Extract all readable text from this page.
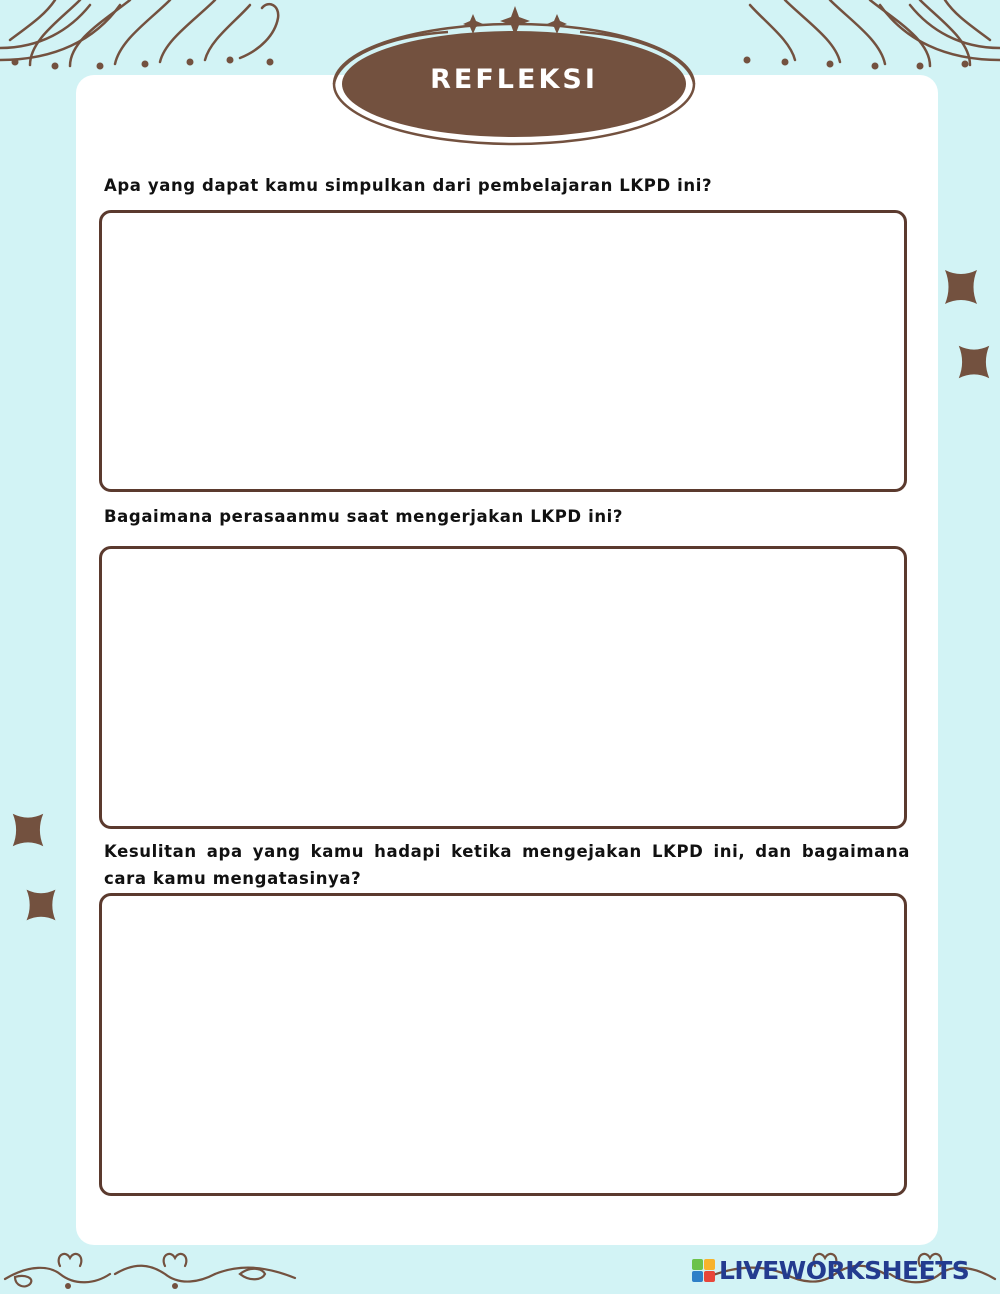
REFLEKSI

Apa yang dapat kamu simpulkan dari pembelajaran LKPD ini?

Bagaimana perasaanmu saat mengerjakan LKPD ini?

Kesulitan apa yang kamu hadapi ketika mengejakan LKPD ini, dan bagaimana cara kamu mengatasinya?

LIVEWORKSHEETS
